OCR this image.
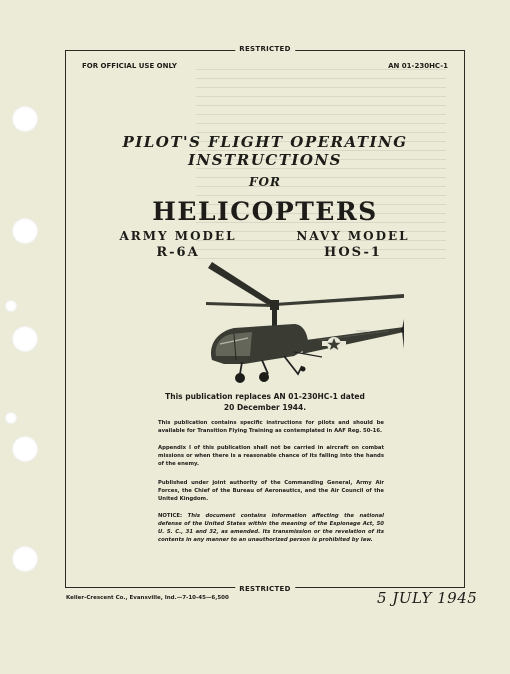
RESTRICTED
FOR OFFICIAL USE ONLY	AN 01-230HC-1
PILOT'S FLIGHT OPERATING
INSTRUCTIONS
FOR
HELICOPTERS
ARMY MODEL
R-6A
NAVY MODEL
HOS-1
▪▪▪▪▪
This publication replaces AN 01-230HC-1 dated
20 December 1944.
This publication contains specific instructions for pilots and should be available for Transition Flying Training as contemplated in AAF Reg. 50-16.
Appendix I of this publication shall not be carried in aircraft on combat missions or when there is a reasonable chance of its falling into the hands of the enemy.
Published under joint authority of the Commanding General, Army Air Forces, the Chief of the Bureau of Aeronautics, and the Air Council of the United Kingdom.
NOTICE: This document contains information affecting the national defense of the United States within the meaning of the Espionage Act, 50 U. S. C., 31 and 32, as amended. Its transmission or the revelation of its contents in any manner to an unauthorized person is prohibited by law.
RESTRICTED
Keller-Crescent Co., Evansville, Ind.—7-10-45—6,500	5 JULY 1945
